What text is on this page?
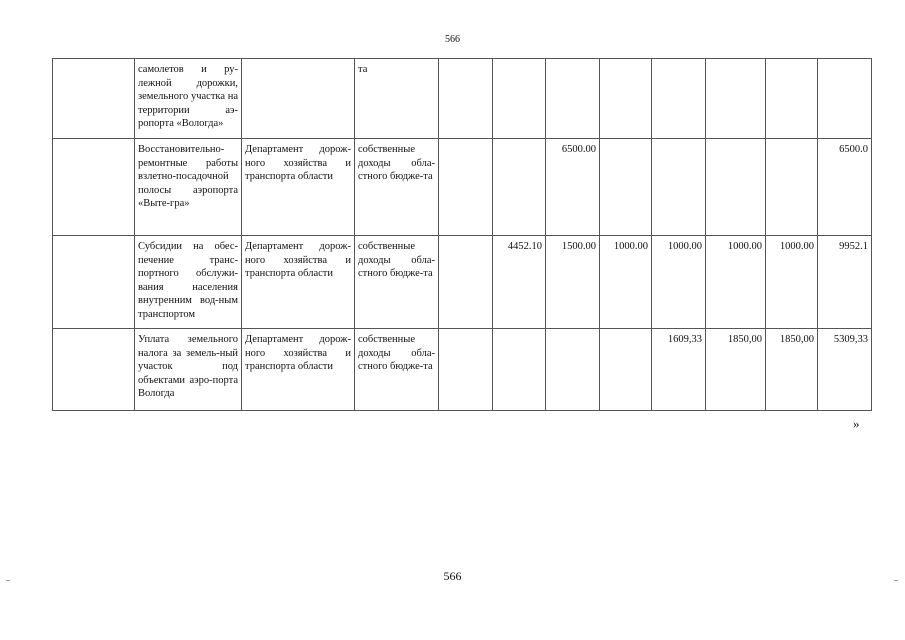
566
	самолетов и ру-лежной дорожки, земельного участка на территории аэ-ропорта «Вологда»		та								
	Восстановительно-ремонтные работы взлетно-посадочной полосы аэропорта «Выте-гра»	Департамент дорож-ного хозяйства и транспорта области	собственные доходы обла-стного бюдже-та			6500.00					6500.0
	Субсидии на обес-печение транс-портного обслужи-вания населения внутренним вод-ным транспортом	Департамент дорож-ного хозяйства и транспорта области	собственные доходы обла-стного бюдже-та		4452.10	1500.00	1000.00	1000.00	1000.00	1000.00	9952.1
	Уплата земельного налога за земель-ный участок под объектами аэро-порта Вологда	Департамент дорож-ного хозяйства и транспорта области	собственные доходы обла-стного бюдже-та					1609,33	1850,00	1850,00	5309,33
»
566
